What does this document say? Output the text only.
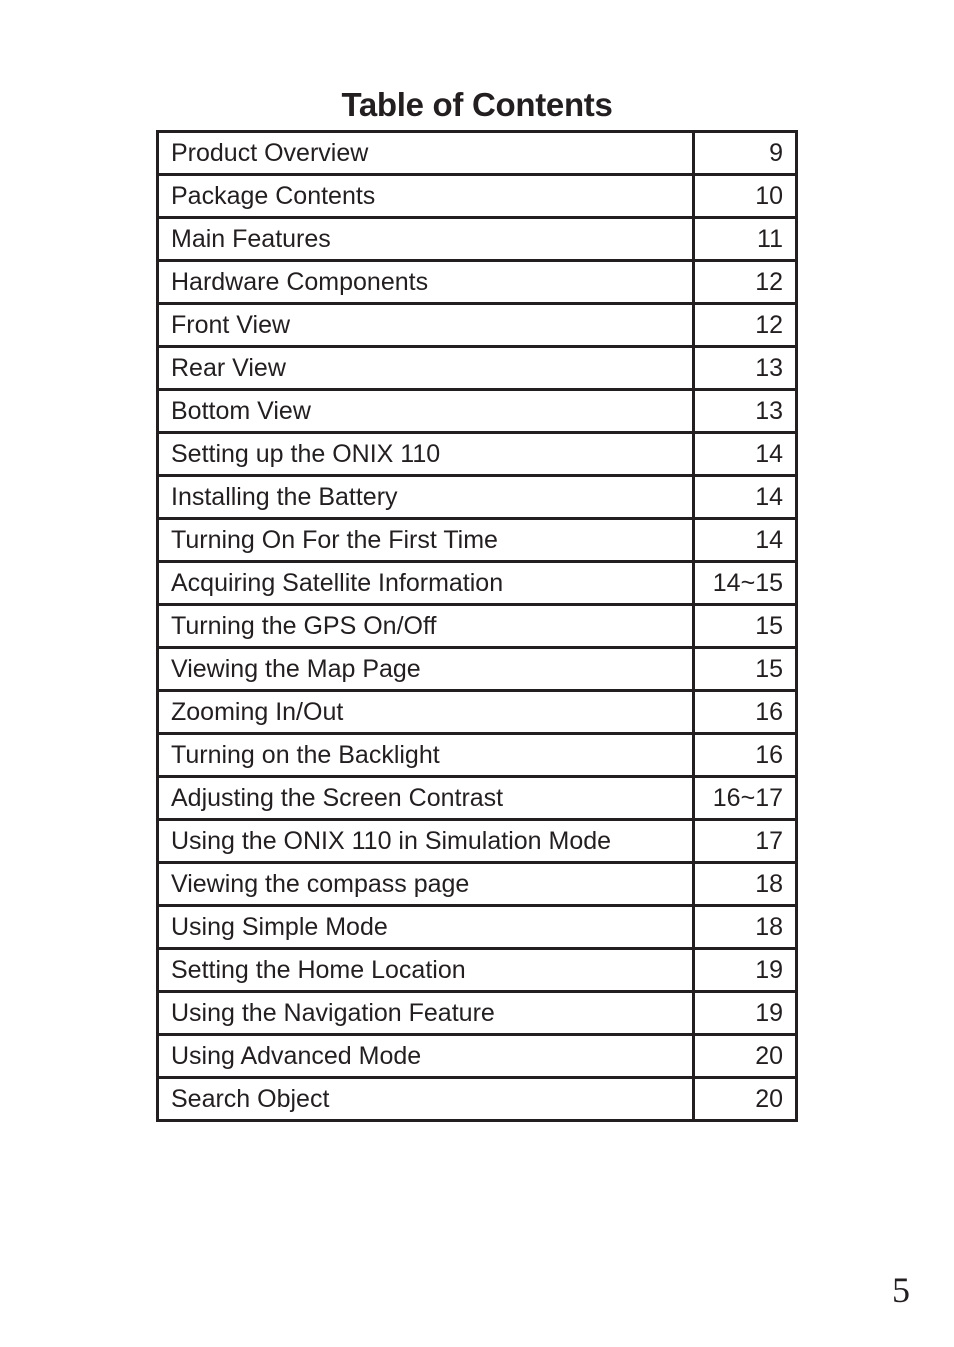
Table of Contents
Product Overview	9
Package Contents	10
Main Features	11
Hardware Components	12
Front View	12
Rear View	13
Bottom View	13
Setting up the ONIX 110	14
Installing the Battery	14
Turning On For the First Time	14
Acquiring Satellite Information	14~15
Turning the GPS On/Off	15
Viewing the Map Page	15
Zooming In/Out	16
Turning on the Backlight	16
Adjusting the Screen Contrast	16~17
Using the ONIX 110 in Simulation Mode	17
Viewing the compass page	18
Using Simple Mode	18
Setting the Home Location	19
Using the Navigation Feature	19
Using Advanced Mode	20
Search Object	20
5
